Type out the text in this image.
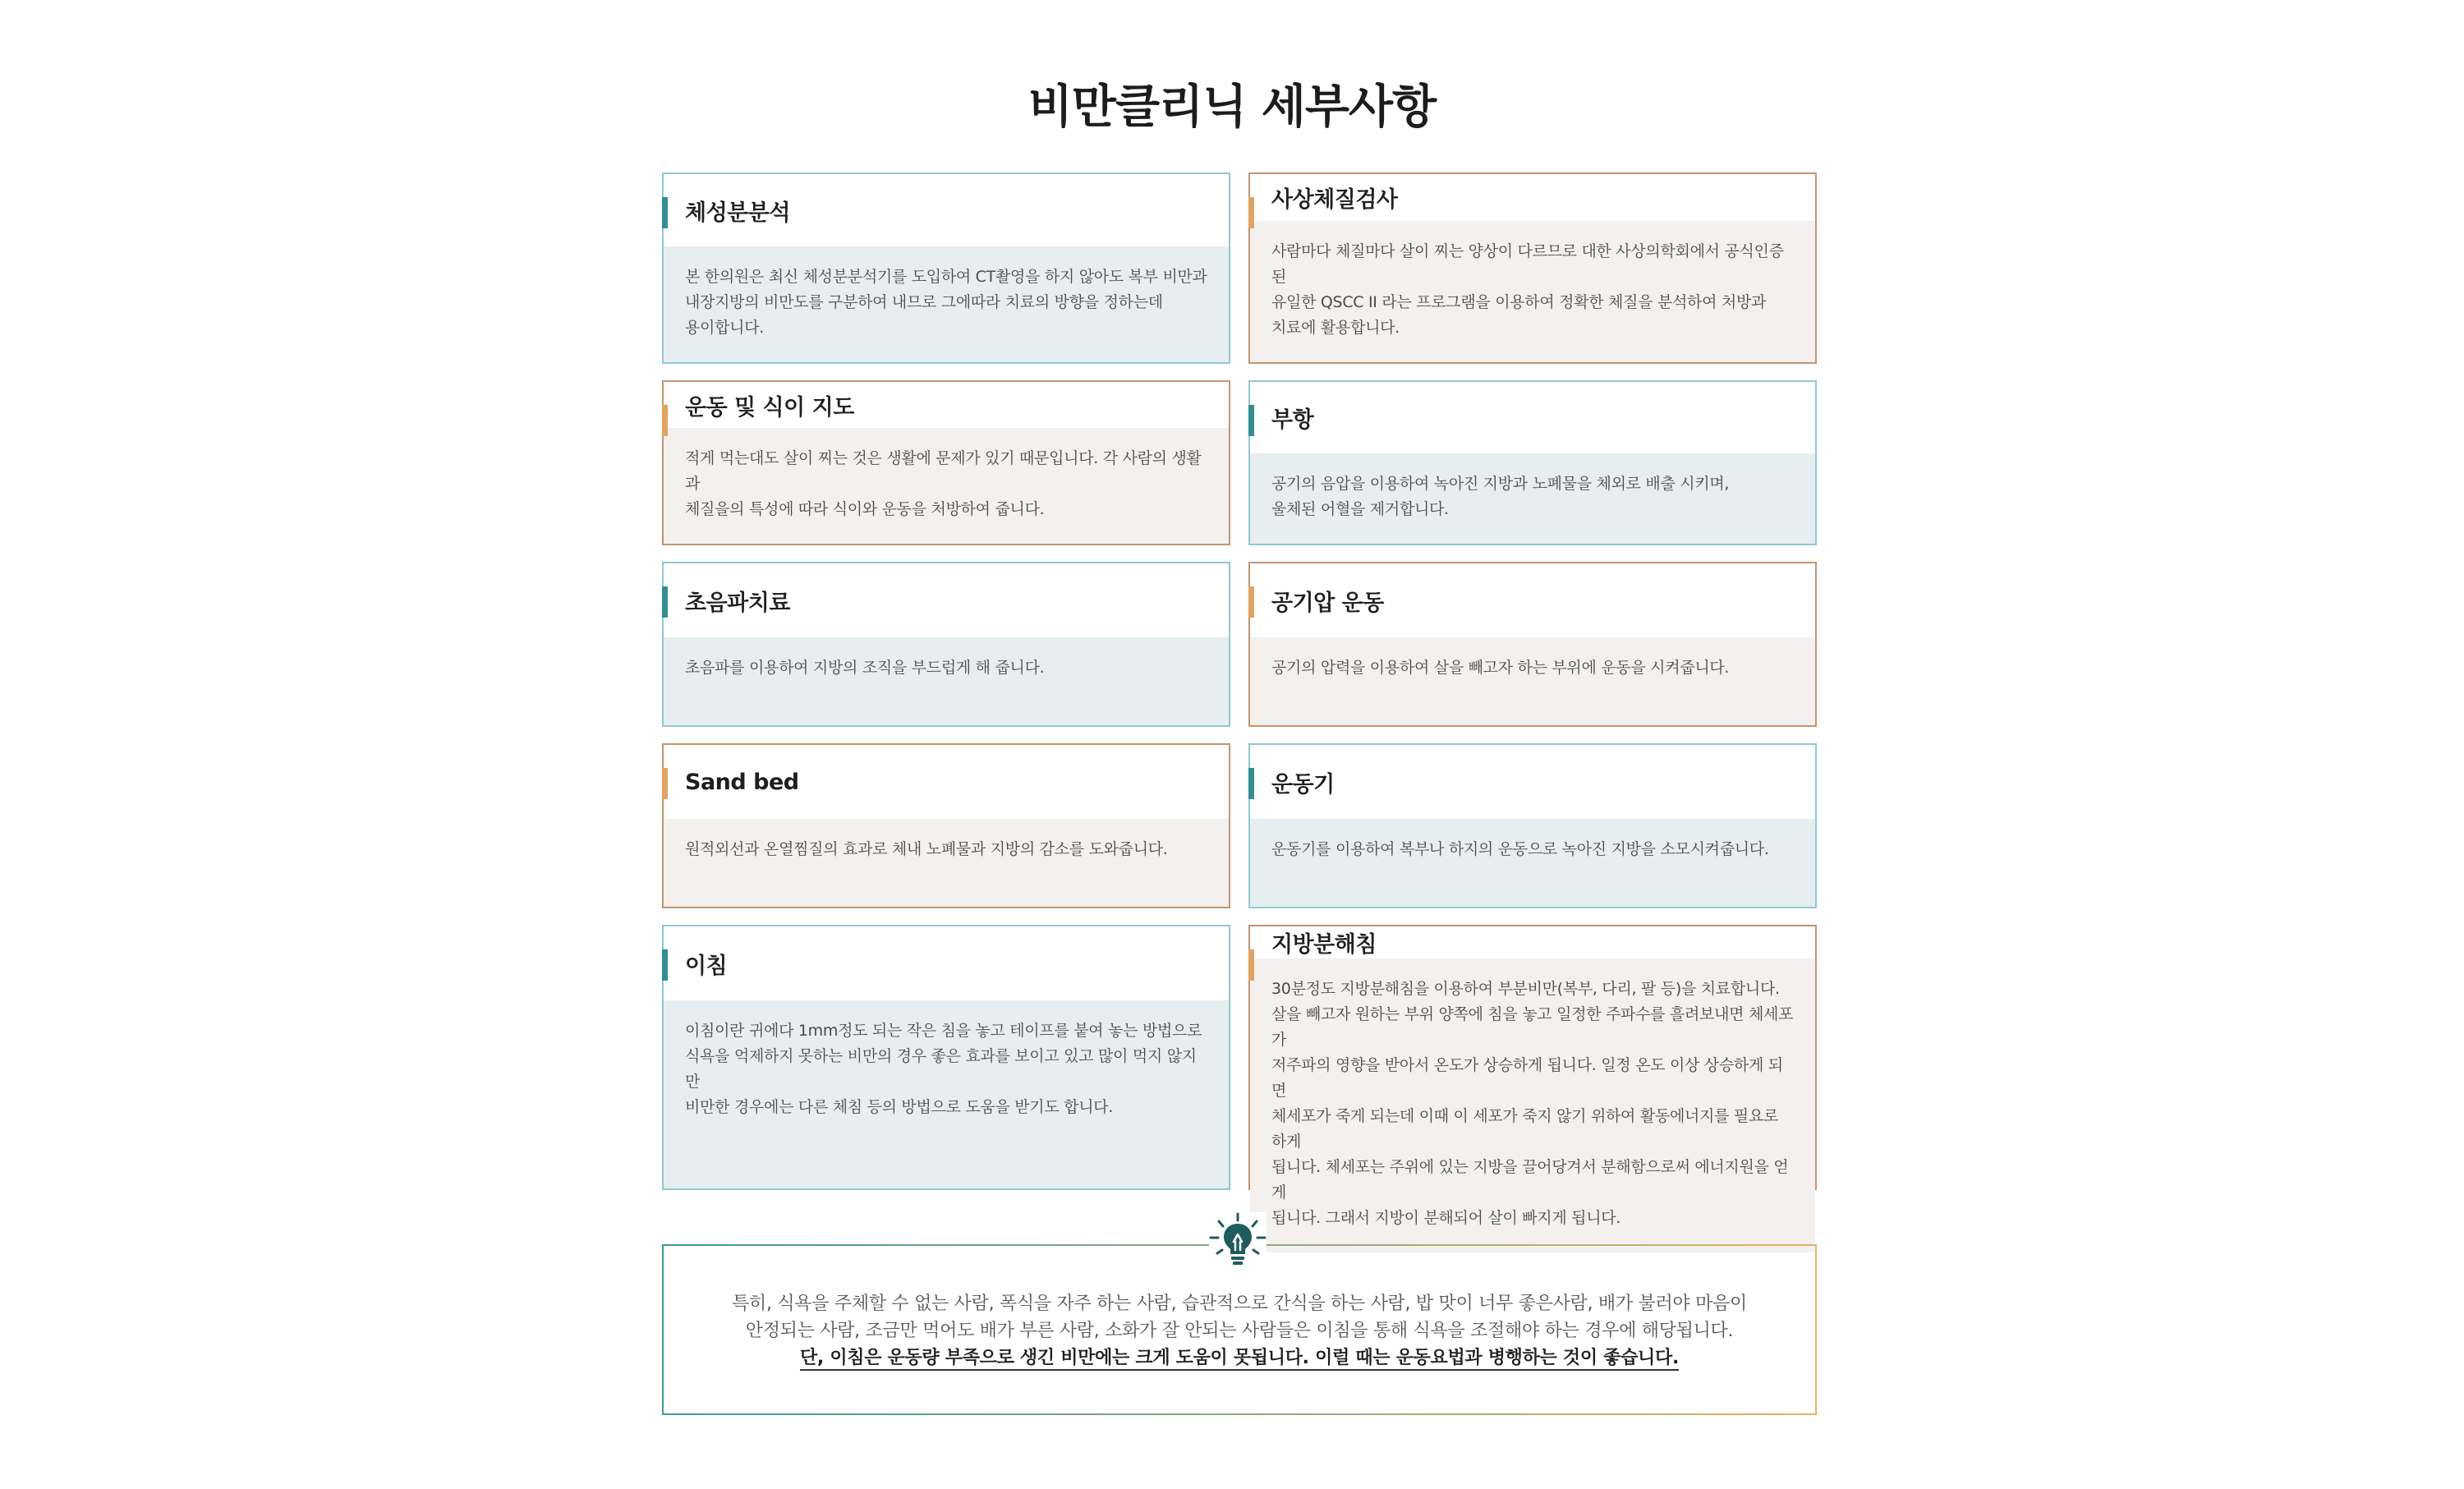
비만클리닉 세부사항
체성분분석
본 한의원은 최신 체성분분석기를 도입하여 CT촬영을 하지 않아도 복부 비만과
내장지방의 비만도를 구분하여 내므로 그에따라 치료의 방향을 정하는데
용이합니다.
사상체질검사
사람마다 체질마다 살이 찌는 양상이 다르므로 대한 사상의학회에서 공식인증된
유일한 QSCC II 라는 프로그램을 이용하여 정확한 체질을 분석하여 처방과
치료에 활용합니다.
운동 및 식이 지도
적게 먹는대도 살이 찌는 것은 생활에 문제가 있기 때문입니다. 각 사람의 생활과
체질을의 특성에 따라 식이와 운동을 처방하여 줍니다.
부항
공기의 음압을 이용하여 녹아진 지방과 노폐물을 체외로 배출 시키며,
울체된 어혈을 제거합니다.
초음파치료
초음파를 이용하여 지방의 조직을 부드럽게 해 줍니다.
공기압 운동
공기의 압력을 이용하여 살을 빼고자 하는 부위에 운동을 시켜줍니다.
Sand bed
원적외선과 온열찜질의 효과로 체내 노폐물과 지방의 감소를 도와줍니다.
운동기
운동기를 이용하여 복부나 하지의 운동으로 녹아진 지방을 소모시켜줍니다.
이침
이침이란 귀에다 1mm정도 되는 작은 침을 놓고 테이프를 붙여 놓는 방법으로
식욕을 억제하지 못하는 비만의 경우 좋은 효과를 보이고 있고 많이 먹지 않지만
비만한 경우에는 다른 체침 등의 방법으로 도움을 받기도 합니다.
지방분해침
30분정도 지방분해침을 이용하여 부분비만(복부, 다리, 팔 등)을 치료합니다.
살을 빼고자 원하는 부위 양쪽에 침을 놓고 일정한 주파수를 흘려보내면 체세포가
저주파의 영향을 받아서 온도가 상승하게 됩니다. 일정 온도 이상 상승하게 되면
체세포가 죽게 되는데 이때 이 세포가 죽지 않기 위하여 활동에너지를 필요로 하게
됩니다. 체세포는 주위에 있는 지방을 끌어당겨서 분해함으로써 에너지원을 얻게
됩니다. 그래서 지방이 분해되어 살이 빠지게 됩니다.

특히, 식욕을 주체할 수 없는 사람, 폭식을 자주 하는 사람, 습관적으로 간식을 하는 사람, 밥 맛이 너무 좋은사람, 배가 불러야 마음이

안정되는 사람, 조금만 먹어도 배가 부른 사람, 소화가 잘 안되는 사람들은 이침을 통해 식욕을 조절해야 하는 경우에 해당됩니다.

단, 이침은 운동량 부족으로 생긴 비만에는 크게 도움이 못됩니다. 이럴 때는 운동요법과 병행하는 것이 좋습니다.
